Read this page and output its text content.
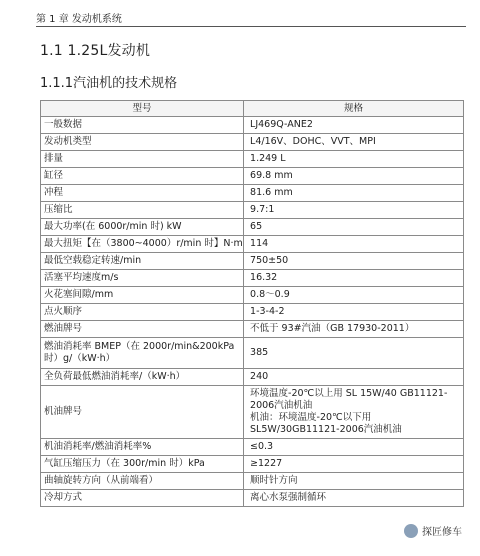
第 1 章 发动机系统
1.1 1.25L发动机
1.1.1汽油机的技术规格
型号	规格
一般数据	LJ469Q-ANE2
发动机类型	L4/16V、DOHC、VVT、MPI
排量	1.249 L
缸径	69.8 mm
冲程	81.6 mm
压缩比	9.7:1
最大功率(在 6000r/min 时) kW	65
最大扭矩【在（3800~4000）r/min 时】N·m	114
最低空载稳定转速/min	750±50
活塞平均速度m/s	16.32
火花塞间隙/mm	0.8～0.9
点火顺序	1-3-4-2
燃油牌号	不低于 93#汽油（GB 17930-2011）
燃油消耗率 BMEP（在 2000r/min&200kPa 时）g/（kW·h）	385
全负荷最低燃油消耗率/（kW·h）	240
机油牌号	环境温度-20℃以上用 SL 15W/40 GB11121-2006汽油机油
机油：环境温度-20℃以下用 SL5W/30GB11121-2006汽油机油
机油消耗率/燃油消耗率%	≤0.3
气缸压缩压力（在 300r/min 时）kPa	≥1227
曲轴旋转方向（从前端看）	顺时针方向
冷却方式	离心水泵强制循环
探匠修车
